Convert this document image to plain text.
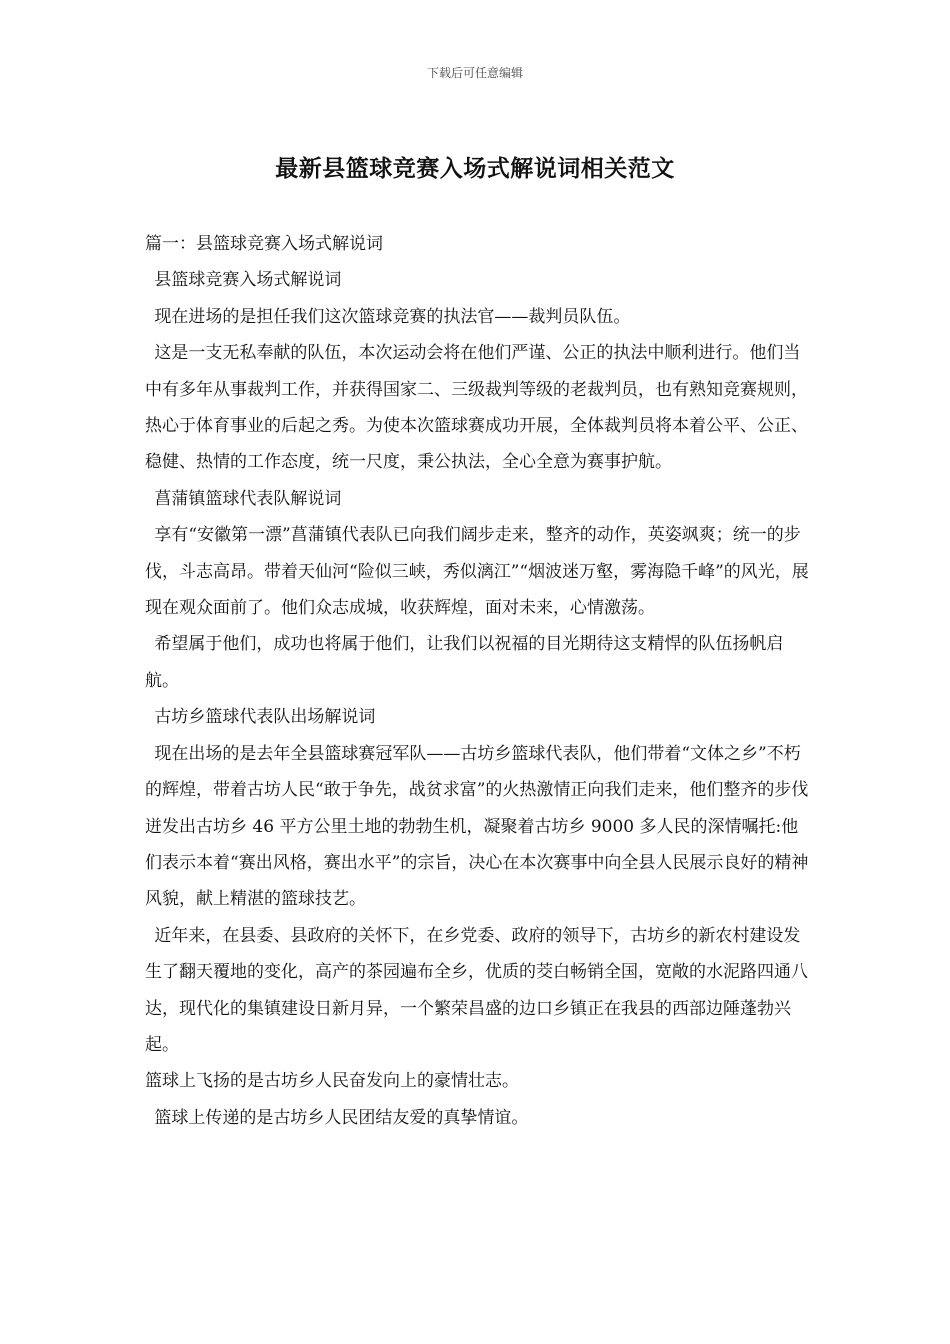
下载后可任意编辑
最新县篮球竞赛入场式解说词相关范文

篇一：县篮球竞赛入场式解说词

县篮球竞赛入场式解说词

现在进场的是担任我们这次篮球竞赛的执法官——裁判员队伍。

这是一支无私奉献的队伍，本次运动会将在他们严谨、公正的执法中顺利进行。他们当中有多年从事裁判工作，并获得国家二、三级裁判等级的老裁判员，也有熟知竞赛规则，热心于体育事业的后起之秀。为使本次篮球赛成功开展，全体裁判员将本着公平、公正、稳健、热情的工作态度，统一尺度，秉公执法，全心全意为赛事护航。

菖蒲镇篮球代表队解说词

享有“安徽第一漂”菖蒲镇代表队已向我们阔步走来，整齐的动作，英姿飒爽；统一的步伐，斗志高昂。带着天仙河“险似三峡，秀似漓江”“烟波迷万壑，雾海隐千峰”的风光，展现在观众面前了。他们众志成城，收获辉煌，面对未来，心情激荡。

希望属于他们，成功也将属于他们，让我们以祝福的目光期待这支精悍的队伍扬帆启航。

古坊乡篮球代表队出场解说词

现在出场的是去年全县篮球赛冠军队——古坊乡篮球代表队，他们带着“文体之乡”不朽的辉煌，带着古坊人民“敢于争先，战贫求富”的火热激情正向我们走来，他们整齐的步伐迸发出古坊乡 46 平方公里土地的勃勃生机，凝聚着古坊乡 9000 多人民的深情嘱托:他们表示本着“赛出风格，赛出水平”的宗旨，决心在本次赛事中向全县人民展示良好的精神风貌，献上精湛的篮球技艺。

近年来，在县委、县政府的关怀下，在乡党委、政府的领导下，古坊乡的新农村建设发生了翻天覆地的变化，高产的茶园遍布全乡，优质的茭白畅销全国，宽敞的水泥路四通八达，现代化的集镇建设日新月异，一个繁荣昌盛的边口乡镇正在我县的西部边陲蓬勃兴起。

篮球上飞扬的是古坊乡人民奋发向上的豪情壮志。

篮球上传递的是古坊乡人民团结友爱的真挚情谊。
